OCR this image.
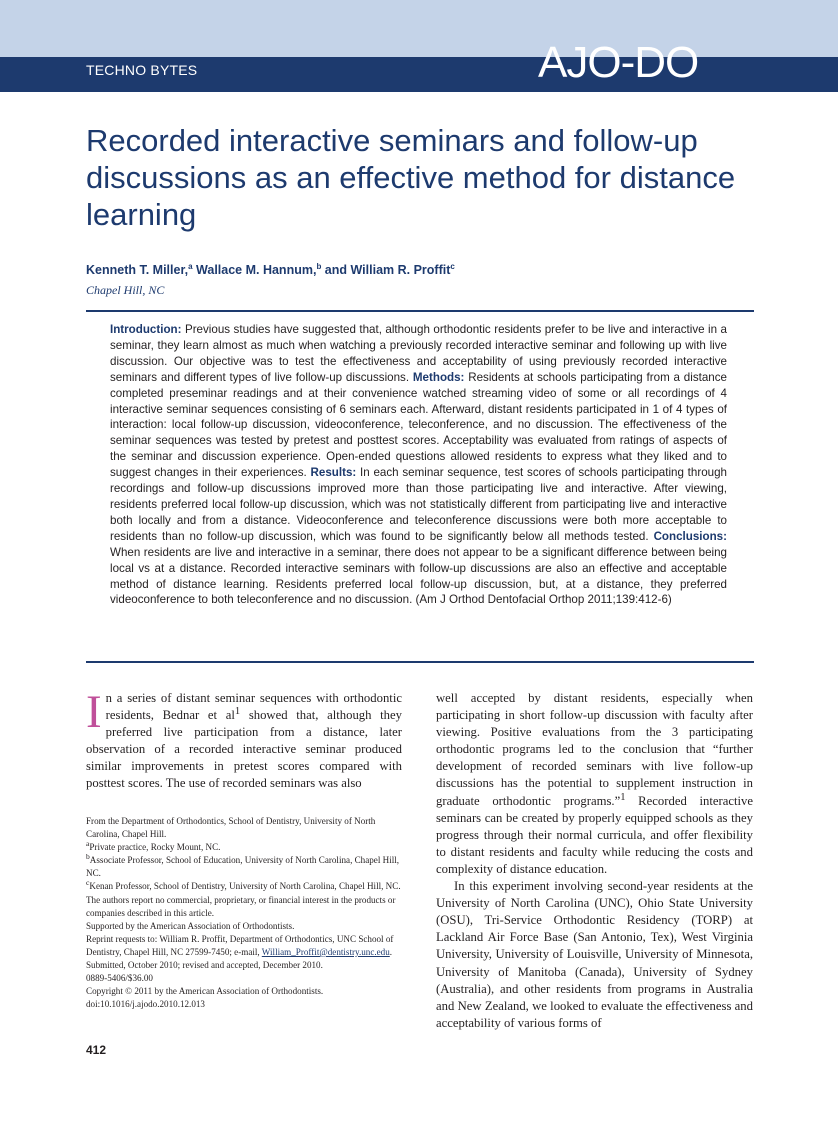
TECHNO BYTES	AJO-DO
Recorded interactive seminars and follow-up discussions as an effective method for distance learning
Kenneth T. Miller,$^a$ Wallace M. Hannum,$^b$ and William R. Proffit$^c$
Chapel Hill, NC
Introduction: Previous studies have suggested that, although orthodontic residents prefer to be live and interactive in a seminar, they learn almost as much when watching a previously recorded interactive seminar and following up with live discussion. Our objective was to test the effectiveness and acceptability of using previously recorded interactive seminars and different types of live follow-up discussions. Methods: Residents at schools participating from a distance completed preseminar readings and at their convenience watched streaming video of some or all recordings of 4 interactive seminar sequences consisting of 6 seminars each. Afterward, distant residents participated in 1 of 4 types of interaction: local follow-up discussion, videoconference, teleconference, and no discussion. The effectiveness of the seminar sequences was tested by pretest and posttest scores. Acceptability was evaluated from ratings of aspects of the seminar and discussion experience. Open-ended questions allowed residents to express what they liked and to suggest changes in their experiences. Results: In each seminar sequence, test scores of schools participating through recordings and follow-up discussions improved more than those participating live and interactive. After viewing, residents preferred local follow-up discussion, which was not statistically different from participating live and interactive both locally and from a distance. Videoconference and teleconference discussions were both more acceptable to residents than no follow-up discussion, which was found to be significantly below all methods tested. Conclusions: When residents are live and interactive in a seminar, there does not appear to be a significant difference between being local vs at a distance. Recorded interactive seminars with follow-up discussions are also an effective and acceptable method of distance learning. Residents preferred local follow-up discussion, but, at a distance, they preferred videoconference to both teleconference and no discussion. (Am J Orthod Dentofacial Orthop 2011;139:412-6)

In a series of distant seminar sequences with orthodontic residents, Bednar et $al^1$ showed that, although they preferred live participation from a distance, later observation of a recorded interactive seminar produced similar improvements in pretest scores compared with posttest scores. The use of recorded seminars was also

From the Department of Orthodontics, School of Dentistry, University of North Carolina, Chapel Hill.

$^a$Private practice, Rocky Mount, NC.

$^b$Associate Professor, School of Education, University of North Carolina, Chapel Hill, NC.

$^c$Kenan Professor, School of Dentistry, University of North Carolina, Chapel Hill, NC.

The authors report no commercial, proprietary, or financial interest in the products or companies described in this article.

Supported by the American Association of Orthodontists.

Reprint requests to: William R. Proffit, Department of Orthodontics, UNC School of Dentistry, Chapel Hill, NC 27599-7450; e-mail, William_Proffit@dentistry.unc.edu.

Submitted, October 2010; revised and accepted, December 2010.

0889-5406/$36.00

Copyright © 2011 by the American Association of Orthodontists.

doi:10.1016/j.ajodo.2010.12.013

well accepted by distant residents, especially when participating in short follow-up discussion with faculty after viewing. Positive evaluations from the 3 participating orthodontic programs led to the conclusion that “further development of recorded seminars with live follow-up discussions has the potential to supplement instruction in graduate orthodontic programs.”$^1$ Recorded interactive seminars can be created by properly equipped schools as they progress through their normal curricula, and offer flexibility to distant residents and faculty while reducing the costs and complexity of distance education.

In this experiment involving second-year residents at the University of North Carolina (UNC), Ohio State University (OSU), Tri-Service Orthodontic Residency (TORP) at Lackland Air Force Base (San Antonio, Tex), West Virginia University, University of Louisville, University of Minnesota, University of Manitoba (Canada), University of Sydney (Australia), and other residents from programs in Australia and New Zealand, we looked to evaluate the effectiveness and acceptability of various forms of

412
